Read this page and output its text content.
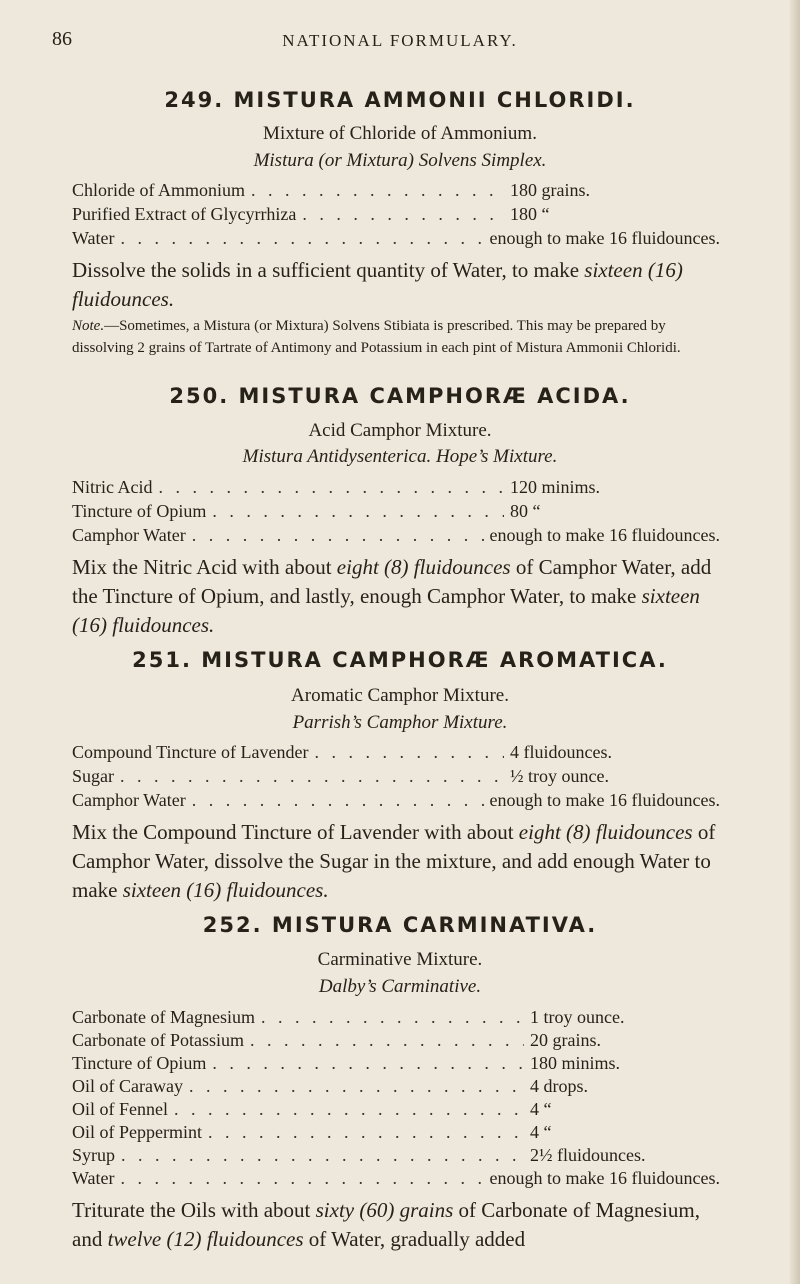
86	NATIONAL FORMULARY.
249. MISTURA AMMONII CHLORIDI.
Mixture of Chloride of Ammonium.
Mistura (or Mixtura) Solvens Simplex.
Chloride of Ammonium . . .	180 grains.
Purified Extract of Glycyrrhiza . . .	180 “
Water . . .	enough to make 16 fluidounces.
Dissolve the solids in a sufficient quantity of Water, to make sixteen (16) fluidounces.
Note.—Sometimes, a Mistura (or Mixtura) Solvens Stibiata is prescribed. This may be prepared by dissolving 2 grains of Tartrate of Antimony and Potassium in each pint of Mistura Ammonii Chloridi.
250. MISTURA CAMPHORÆ ACIDA.
Acid Camphor Mixture.
Mistura Antidysenterica. Hope’s Mixture.
Nitric Acid . . .	120 minims.
Tincture of Opium . . .	80 “
Camphor Water . . .	enough to make 16 fluidounces.
Mix the Nitric Acid with about eight (8) fluidounces of Camphor Water, add the Tincture of Opium, and lastly, enough Camphor Water, to make sixteen (16) fluidounces.
251. MISTURA CAMPHORÆ AROMATICA.
Aromatic Camphor Mixture.
Parrish’s Camphor Mixture.
Compound Tincture of Lavender . . .	4 fluidounces.
Sugar . . .	½ troy ounce.
Camphor Water . . .	enough to make 16 fluidounces.
Mix the Compound Tincture of Lavender with about eight (8) fluidounces of Camphor Water, dissolve the Sugar in the mixture, and add enough Water to make sixteen (16) fluidounces.
252. MISTURA CARMINATIVA.
Carminative Mixture.
Dalby’s Carminative.
Carbonate of Magnesium . . .	1 troy ounce.
Carbonate of Potassium . . .	20 grains.
Tincture of Opium . . .	180 minims.
Oil of Caraway . . .	4 drops.
Oil of Fennel . . .	4 “
Oil of Peppermint . . .	4 “
Syrup . . .	2½ fluidounces.
Water . . .	enough to make 16 fluidounces.
Triturate the Oils with about sixty (60) grains of Carbonate of Magnesium, and twelve (12) fluidounces of Water, gradually added
